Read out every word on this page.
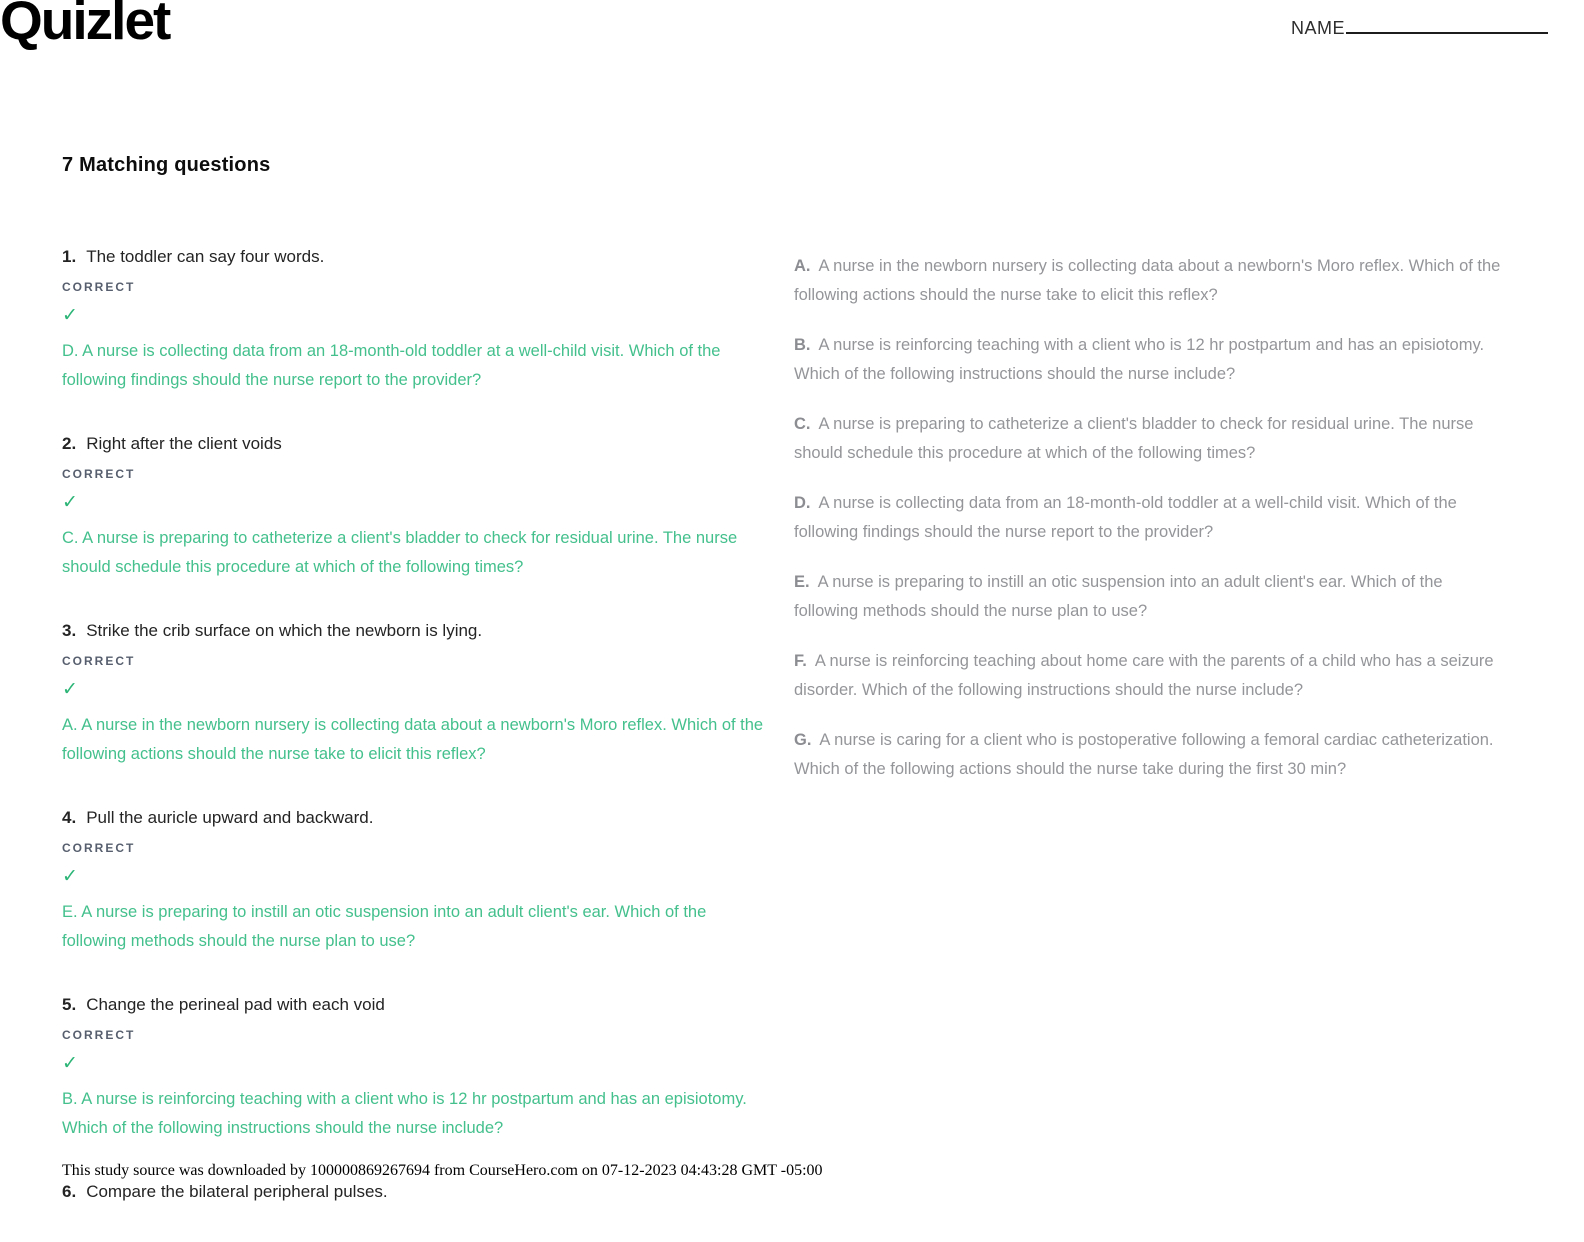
Quizlet	NAME
7 Matching questions
1. The toddler can say four words.
CORRECT
✓
D. A nurse is collecting data from an 18-month-old toddler at a well-child visit. Which of the following findings should the nurse report to the provider?
2. Right after the client voids
CORRECT
✓
C. A nurse is preparing to catheterize a client's bladder to check for residual urine. The nurse should schedule this procedure at which of the following times?
3. Strike the crib surface on which the newborn is lying.
CORRECT
✓
A. A nurse in the newborn nursery is collecting data about a newborn's Moro reflex. Which of the following actions should the nurse take to elicit this reflex?
4. Pull the auricle upward and backward.
CORRECT
✓
E. A nurse is preparing to instill an otic suspension into an adult client's ear. Which of the following methods should the nurse plan to use?
5. Change the perineal pad with each void
CORRECT
✓
B. A nurse is reinforcing teaching with a client who is 12 hr postpartum and has an episiotomy. Which of the following instructions should the nurse include?
6. Compare the bilateral peripheral pulses.
A. A nurse in the newborn nursery is collecting data about a newborn's Moro reflex. Which of the following actions should the nurse take to elicit this reflex?
B. A nurse is reinforcing teaching with a client who is 12 hr postpartum and has an episiotomy. Which of the following instructions should the nurse include?
C. A nurse is preparing to catheterize a client's bladder to check for residual urine. The nurse should schedule this procedure at which of the following times?
D. A nurse is collecting data from an 18-month-old toddler at a well-child visit. Which of the following findings should the nurse report to the provider?
E. A nurse is preparing to instill an otic suspension into an adult client's ear. Which of the following methods should the nurse plan to use?
F. A nurse is reinforcing teaching about home care with the parents of a child who has a seizure disorder. Which of the following instructions should the nurse include?
G. A nurse is caring for a client who is postoperative following a femoral cardiac catheterization. Which of the following actions should the nurse take during the first 30 min?
This study source was downloaded by 100000869267694 from CourseHero.com on 07-12-2023 04:43:28 GMT -05:00
